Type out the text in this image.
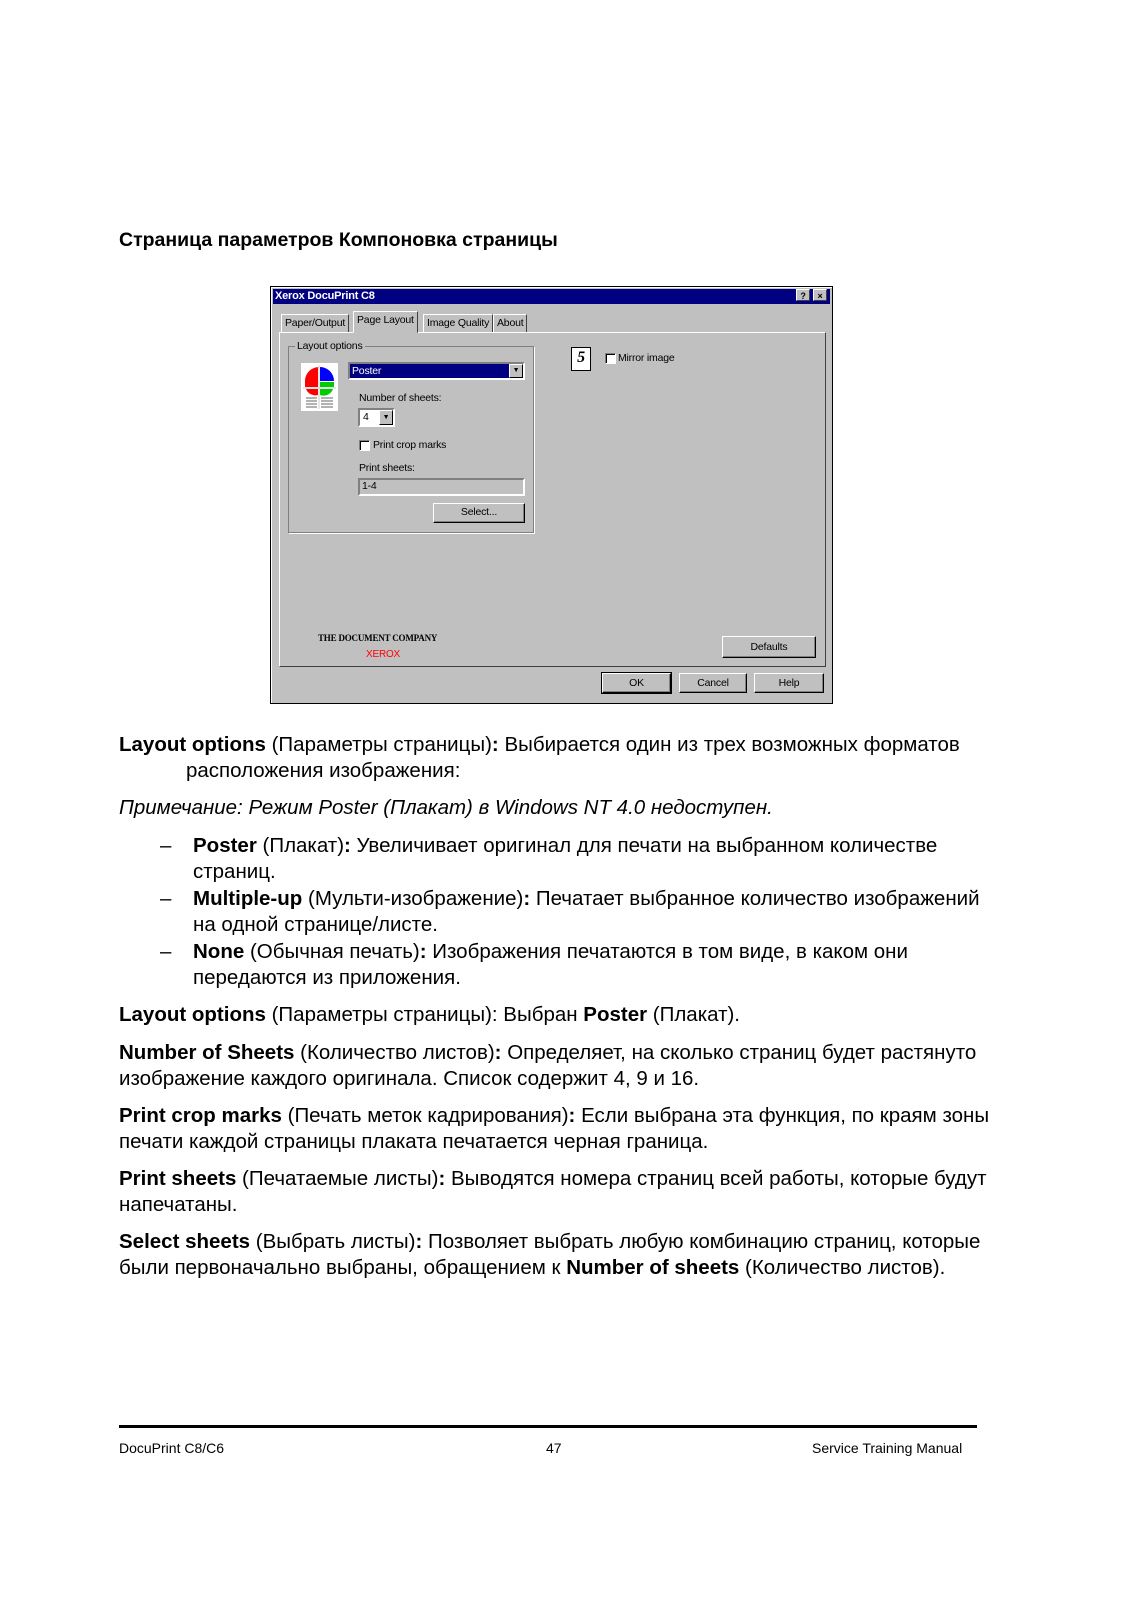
Страница параметров Компоновка страницы
Xerox DocuPrint C8	?	×
Paper/Output	Page Layout	Image Quality About
Layout options
Poster	▼
Number of sheets:
4	▼
Print crop marks
Print sheets:
1-4
Select...
5	Mirror image
THE DOCUMENT COMPANY
XEROX
Defaults
OK	Cancel	Help
Layout options (Параметры страницы): Выбирается один из трех возможных форматов расположения изображения:
Примечание: Режим Poster (Плакат) в Windows NT 4.0 недоступен.
– Poster (Плакат): Увеличивает оригинал для печати на выбранном количестве страниц.
– Multiple-up (Мульти-изображение): Печатает выбранное количество изображений на одной странице/листе.
– None (Обычная печать): Изображения печатаются в том виде, в каком они передаются из приложения.
Layout options (Параметры страницы): Выбран Poster (Плакат).
Number of Sheets (Количество листов): Определяет, на сколько страниц будет растянуто изображение каждого оригинала. Список содержит 4, 9 и 16.
Print crop marks (Печать меток кадрирования): Если выбрана эта функция, по краям зоны печати каждой страницы плаката печатается черная граница.
Print sheets (Печатаемые листы): Выводятся номера страниц всей работы, которые будут напечатаны.
Select sheets (Выбрать листы): Позволяет выбрать любую комбинацию страниц, которые были первоначально выбраны, обращением к Number of sheets (Количество листов).
DocuPrint C8/C6	47	Service Training Manual
